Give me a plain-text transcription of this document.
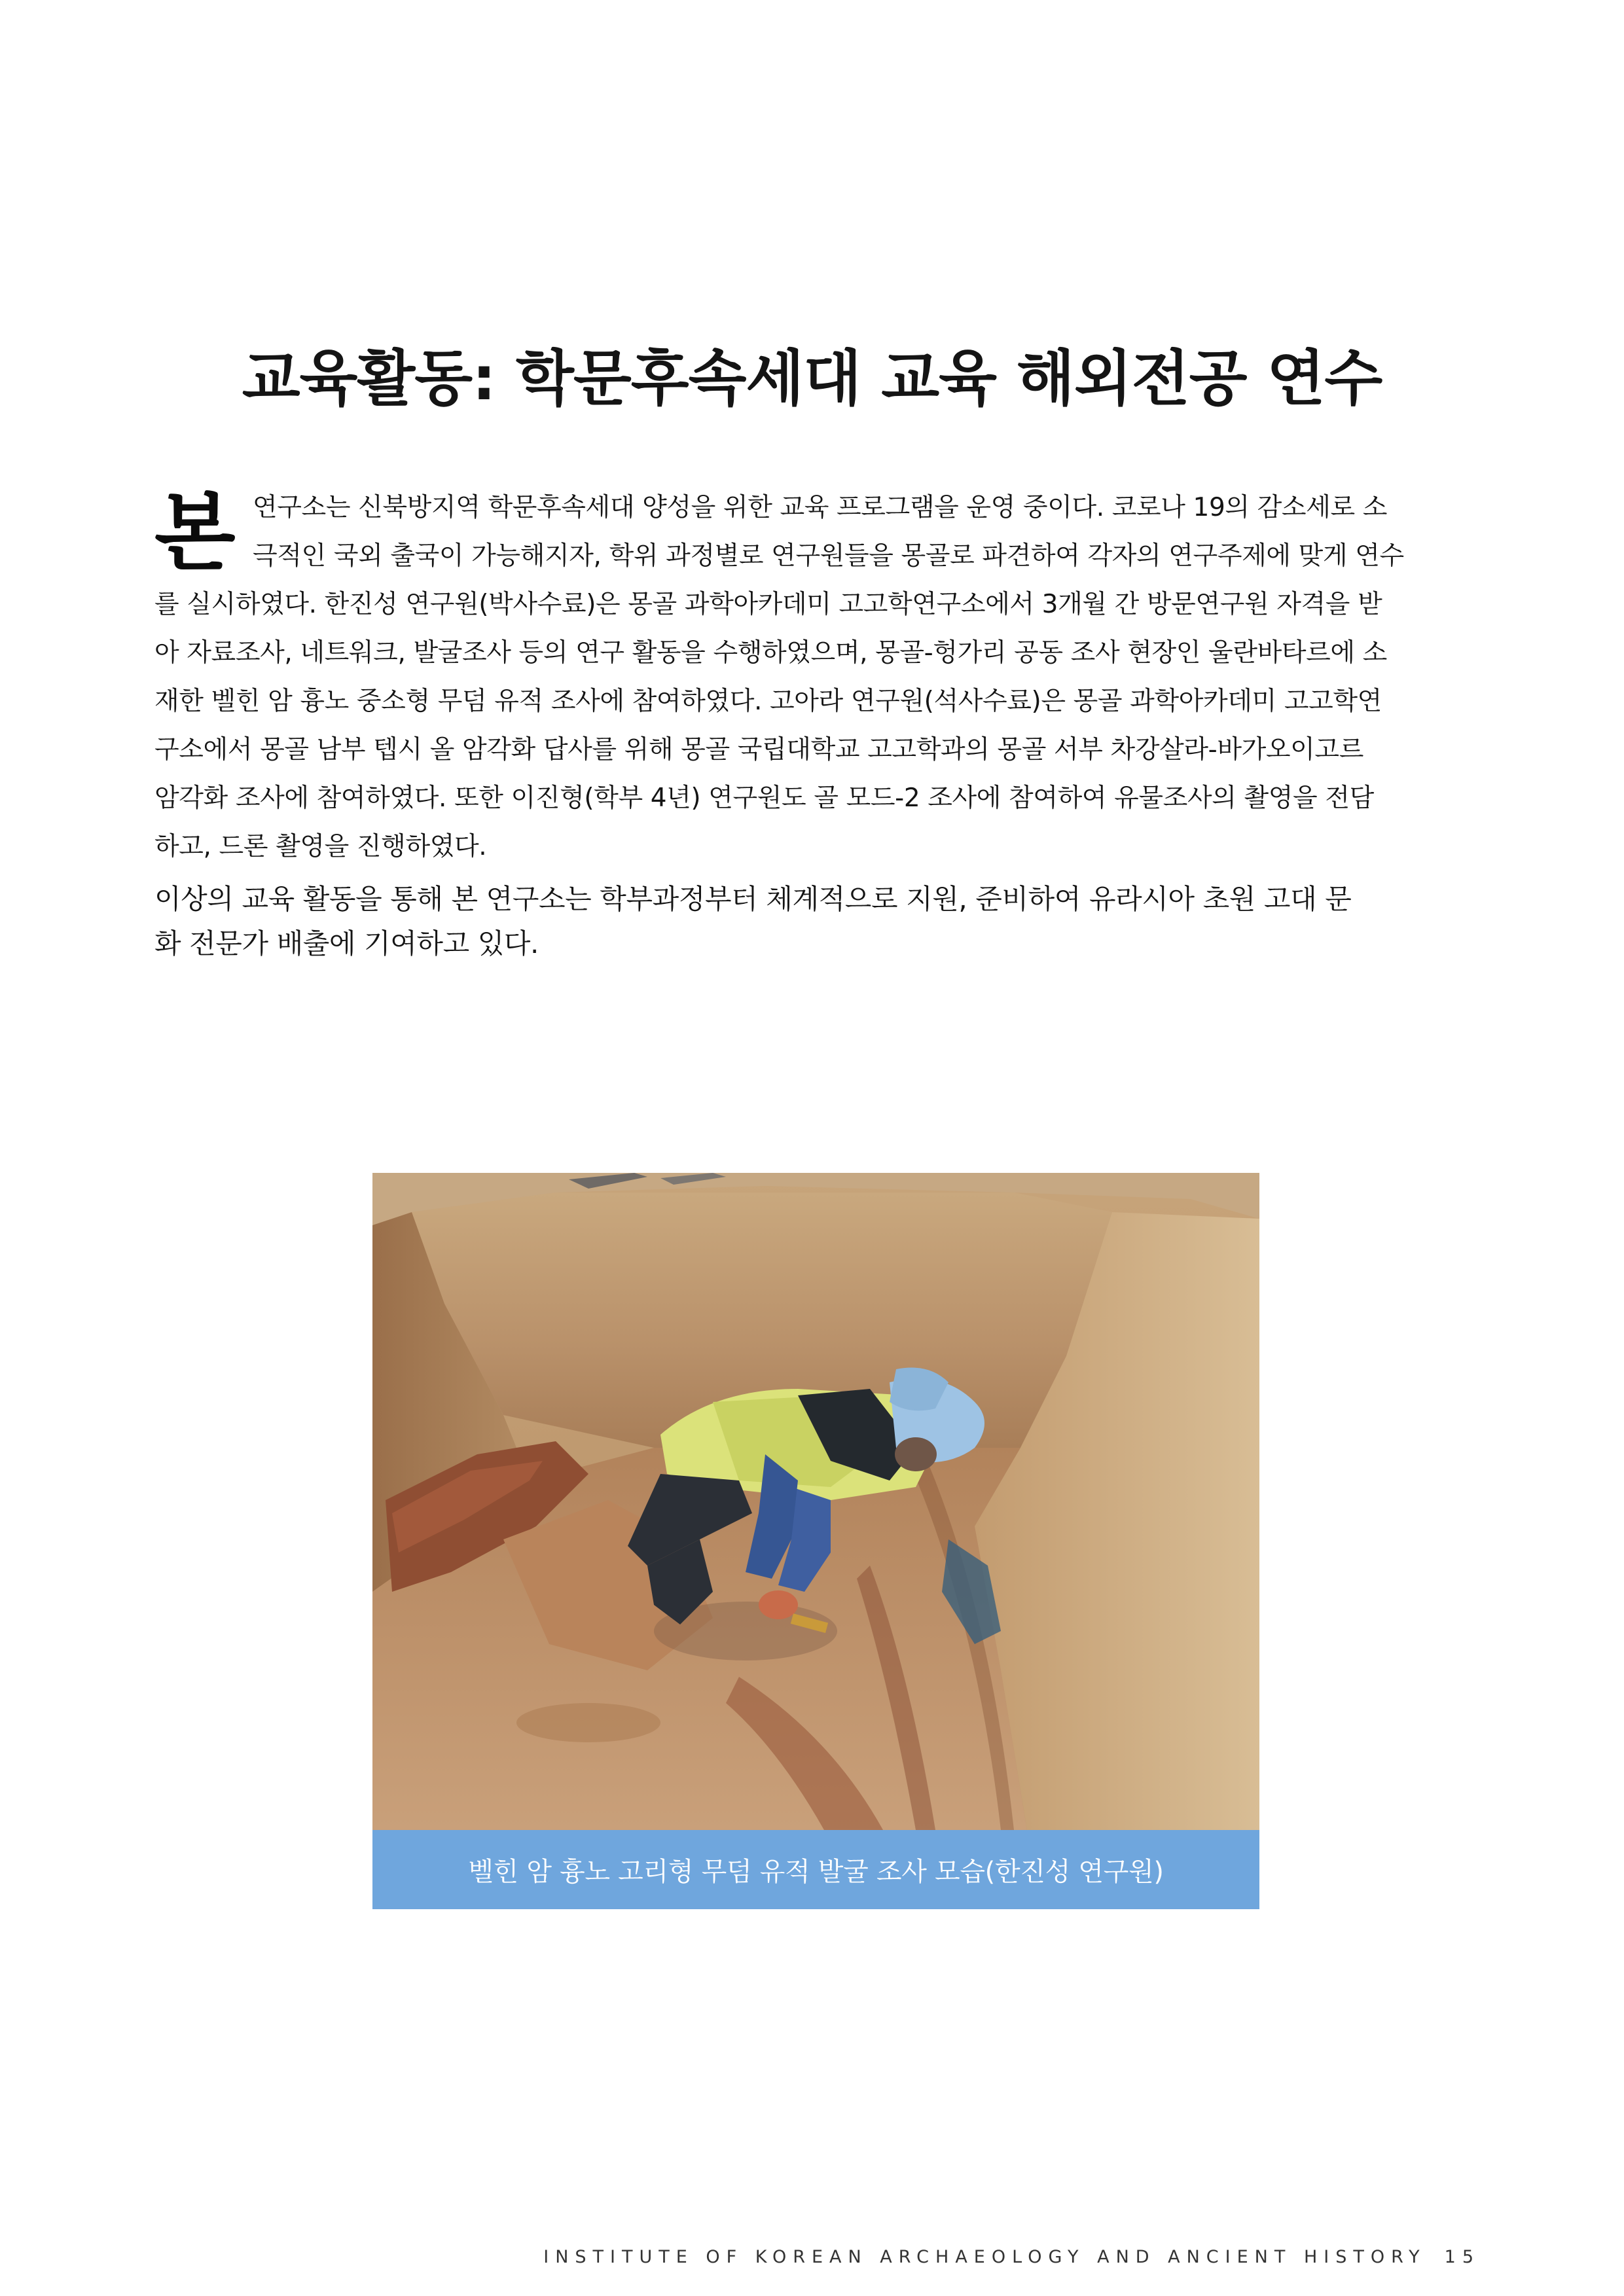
교육활동: 학문후속세대 교육 해외전공 연수
본 연구소는 신북방지역 학문후속세대 양성을 위한 교육 프로그램을 운영 중이다. 코로나 19의 감소세로 소
극적인 국외 출국이 가능해지자, 학위 과정별로 연구원들을 몽골로 파견하여 각자의 연구주제에 맞게 연수
를 실시하였다. 한진성 연구원(박사수료)은 몽골 과학아카데미 고고학연구소에서 3개월 간 방문연구원 자격을 받
아 자료조사, 네트워크, 발굴조사 등의 연구 활동을 수행하였으며, 몽골-헝가리 공동 조사 현장인 울란바타르에 소
재한 벨힌 암 흉노 중소형 무덤 유적 조사에 참여하였다. 고아라 연구원(석사수료)은 몽골 과학아카데미 고고학연
구소에서 몽골 남부 텝시 올 암각화 답사를 위해 몽골 국립대학교 고고학과의 몽골 서부 차강살라-바가오이고르
암각화 조사에 참여하였다. 또한 이진형(학부 4년) 연구원도 골 모드-2 조사에 참여하여 유물조사의 촬영을 전담
하고, 드론 촬영을 진행하였다.
이상의 교육 활동을 통해 본 연구소는 학부과정부터 체계적으로 지원, 준비하여 유라시아 초원 고대 문
화 전문가 배출에 기여하고 있다.
벨힌 암 흉노 고리형 무덤 유적 발굴 조사 모습(한진성 연구원)
INSTITUTE OF KOREAN ARCHAEOLOGY AND ANCIENT HISTORY 15
